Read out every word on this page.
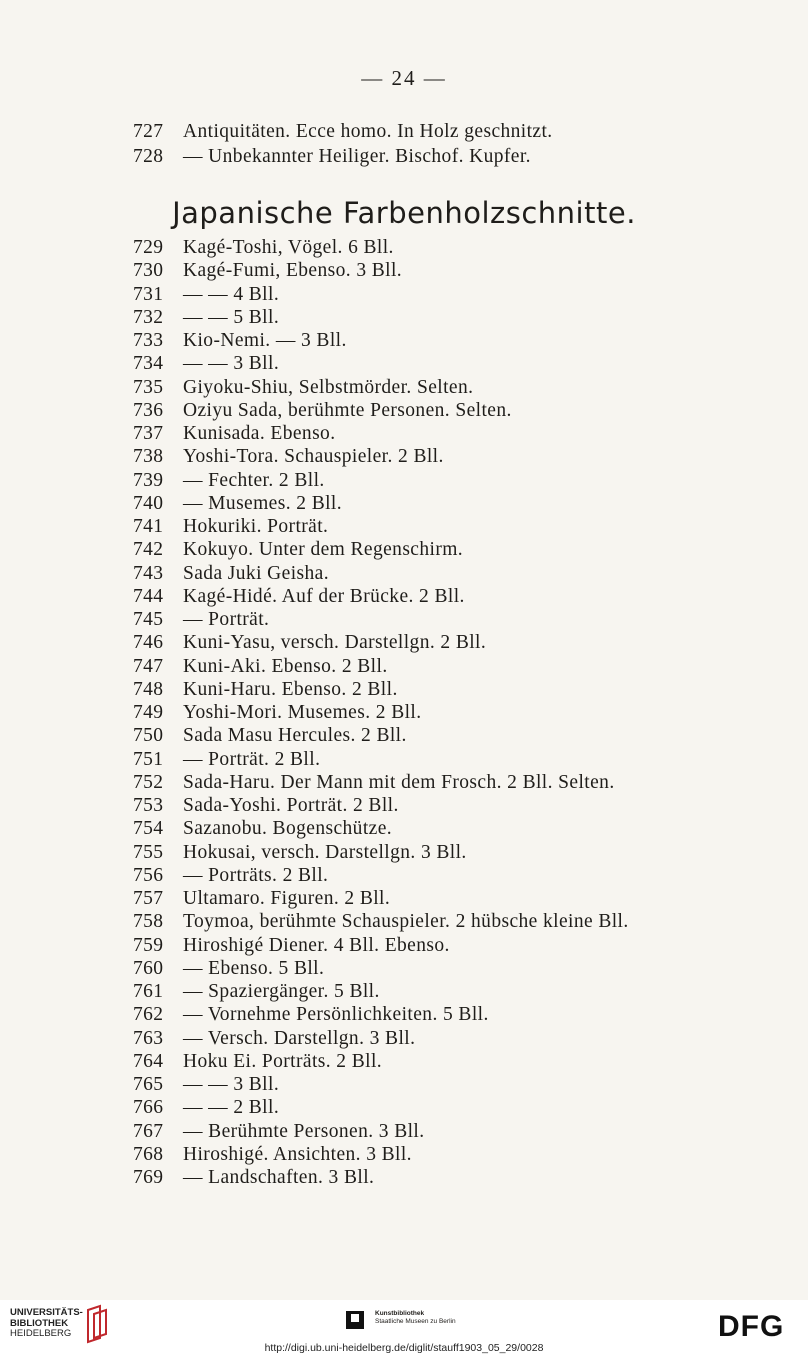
— 24 —
727 Antiquitäten. Ecce homo. In Holz geschnitzt.
728 — Unbekannter Heiliger. Bischof. Kupfer.
Japanische Farbenholzschnitte.
729 Kagé-Toshi, Vögel. 6 Bll.
730 Kagé-Fumi, Ebenso. 3 Bll.
731 — — 4 Bll.
732 — — 5 Bll.
733 Kio-Nemi. — 3 Bll.
734 — — 3 Bll.
735 Giyoku-Shiu, Selbstmörder. Selten.
736 Oziyu Sada, berühmte Personen. Selten.
737 Kunisada. Ebenso.
738 Yoshi-Tora. Schauspieler. 2 Bll.
739 — Fechter. 2 Bll.
740 — Musemes. 2 Bll.
741 Hokuriki. Porträt.
742 Kokuyo. Unter dem Regenschirm.
743 Sada Juki Geisha.
744 Kagé-Hidé. Auf der Brücke. 2 Bll.
745 — Porträt.
746 Kuni-Yasu, versch. Darstellgn. 2 Bll.
747 Kuni-Aki. Ebenso. 2 Bll.
748 Kuni-Haru. Ebenso. 2 Bll.
749 Yoshi-Mori. Musemes. 2 Bll.
750 Sada Masu Hercules. 2 Bll.
751 — Porträt. 2 Bll.
752 Sada-Haru. Der Mann mit dem Frosch. 2 Bll. Selten.
753 Sada-Yoshi. Porträt. 2 Bll.
754 Sazanobu. Bogenschütze.
755 Hokusai, versch. Darstellgn. 3 Bll.
756 — Porträts. 2 Bll.
757 Ultamaro. Figuren. 2 Bll.
758 Toymoa, berühmte Schauspieler. 2 hübsche kleine Bll.
759 Hiroshigé Diener. 4 Bll. Ebenso.
760 — Ebenso. 5 Bll.
761 — Spaziergänger. 5 Bll.
762 — Vornehme Persönlichkeiten. 5 Bll.
763 — Versch. Darstellgn. 3 Bll.
764 Hoku Ei. Porträts. 2 Bll.
765 — — 3 Bll.
766 — — 2 Bll.
767 — Berühmte Personen. 3 Bll.
768 Hiroshigé. Ansichten. 3 Bll.
769 — Landschaften. 3 Bll.
UNIVERSITÄTS-
BIBLIOTHEK
HEIDELBERG
Kunstbibliothek
Staatliche Museen zu Berlin	DFG
http://digi.ub.uni-heidelberg.de/diglit/stauff1903_05_29/0028
